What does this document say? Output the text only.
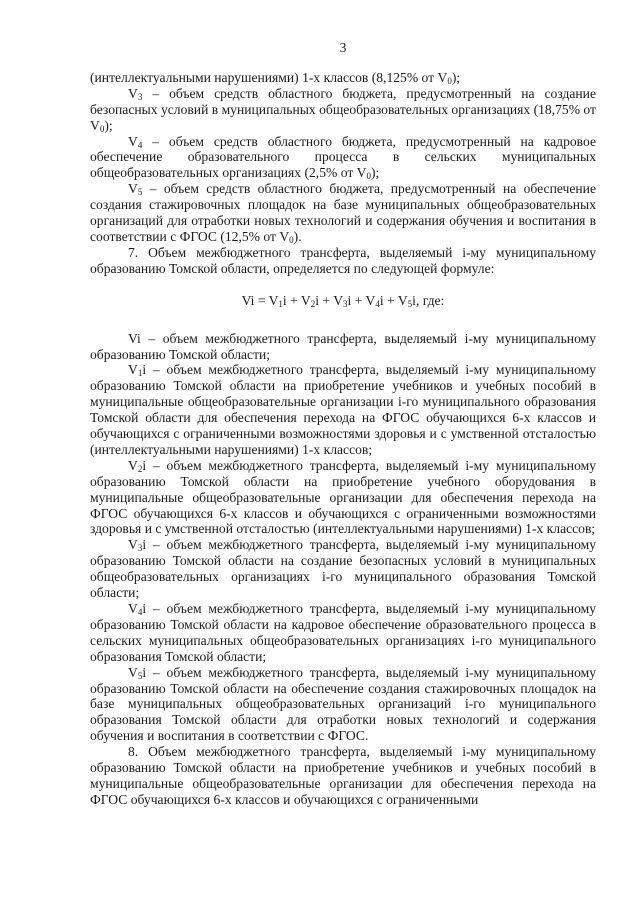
3

(интеллектуальными нарушениями) 1-х классов (8,125% от $V_0$);

$V_3$ – объем средств областного бюджета, предусмотренный на создание безопасных условий в муниципальных общеобразовательных организациях (18,75% от $V_0$);

$V_4$ – объем средств областного бюджета, предусмотренный на кадровое обеспечение образовательного процесса в сельских муниципальных общеобразовательных организациях (2,5% от $V_0$);

$V_5$ – объем средств областного бюджета, предусмотренный на обеспечение создания стажировочных площадок на базе муниципальных общеобразовательных организаций для отработки новых технологий и содержания обучения и воспитания в соответствии с ФГОС (12,5% от $V_0$).

7. Объем межбюджетного трансферта, выделяемый i-му муниципальному образованию Томской области, определяется по следующей формуле:

$Vi = V_1i + V_2i + V_3i + V_4i + V_5i$, где:

Vi – объем межбюджетного трансферта, выделяемый i-му муниципальному образованию Томской области;

$V_1i$ – объем межбюджетного трансферта, выделяемый i-му муниципальному образованию Томской области на приобретение учебников и учебных пособий в муниципальные общеобразовательные организации i-го муниципального образования Томской области для обеспечения перехода на ФГОС обучающихся 6-х классов и обучающихся с ограниченными возможностями здоровья и с умственной отсталостью (интеллектуальными нарушениями) 1-х классов;

$V_2i$ – объем межбюджетного трансферта, выделяемый i-му муниципальному образованию Томской области на приобретение учебного оборудования в муниципальные общеобразовательные организации для обеспечения перехода на ФГОС обучающихся 6-х классов и обучающихся с ограниченными возможностями здоровья и с умственной отсталостью (интеллектуальными нарушениями) 1-х классов;

$V_3i$ – объем межбюджетного трансферта, выделяемый i-му муниципальному образованию Томской области на создание безопасных условий в муниципальных общеобразовательных организациях i-го муниципального образования Томской области;

$V_4i$ – объем межбюджетного трансферта, выделяемый i-му муниципальному образованию Томской области на кадровое обеспечение образовательного процесса в сельских муниципальных общеобразовательных организациях i-го муниципального образования Томской области;

$V_5i$ – объем межбюджетного трансферта, выделяемый i-му муниципальному образованию Томской области на обеспечение создания стажировочных площадок на базе муниципальных общеобразовательных организаций i-го муниципального образования Томской области для отработки новых технологий и содержания обучения и воспитания в соответствии с ФГОС.

8. Объем межбюджетного трансферта, выделяемый i-му муниципальному образованию Томской области на приобретение учебников и учебных пособий в муниципальные общеобразовательные организации для обеспечения перехода на ФГОС обучающихся 6-х классов и обучающихся с ограниченными
